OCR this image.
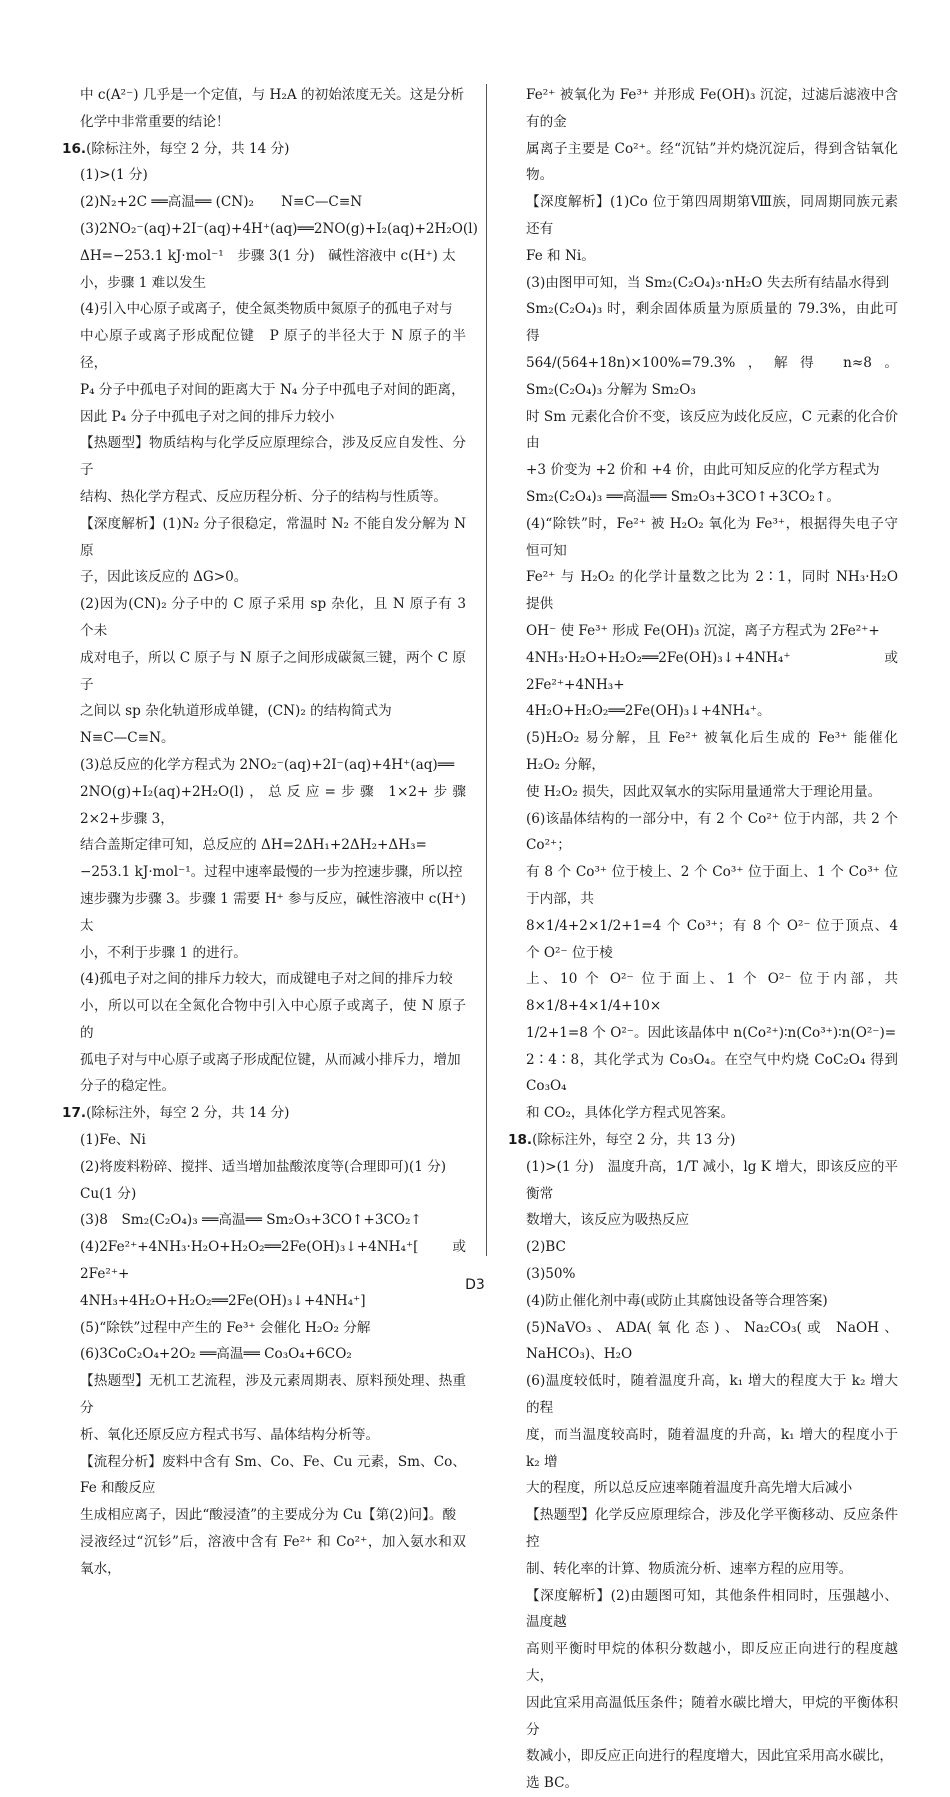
中 c(A²⁻) 几乎是一个定值，与 H₂A 的初始浓度无关。这是分析

化学中非常重要的结论！

16.(除标注外，每空 2 分，共 14 分)

(1)>(1 分)

(2)N₂+2C ══高温══ (CN)₂　　N≡C—C≡N

(3)2NO₂⁻(aq)+2I⁻(aq)+4H⁺(aq)══2NO(g)+I₂(aq)+2H₂O(l)

ΔH=−253.1 kJ·mol⁻¹　步骤 3(1 分)　碱性溶液中 c(H⁺) 太

小，步骤 1 难以发生

(4)引入中心原子或离子，使全氮类物质中氮原子的孤电子对与

中心原子或离子形成配位键　P 原子的半径大于 N 原子的半径，

P₄ 分子中孤电子对间的距离大于 N₄ 分子中孤电子对间的距离，

因此 P₄ 分子中孤电子对之间的排斥力较小

【热题型】物质结构与化学反应原理综合，涉及反应自发性、分子

结构、热化学方程式、反应历程分析、分子的结构与性质等。

【深度解析】(1)N₂ 分子很稳定，常温时 N₂ 不能自发分解为 N 原

子，因此该反应的 ΔG>0。

(2)因为(CN)₂ 分子中的 C 原子采用 sp 杂化，且 N 原子有 3 个未

成对电子，所以 C 原子与 N 原子之间形成碳氮三键，两个 C 原子

之间以 sp 杂化轨道形成单键，(CN)₂ 的结构简式为

N≡C—C≡N。

(3)总反应的化学方程式为 2NO₂⁻(aq)+2I⁻(aq)+4H⁺(aq)══

2NO(g)+I₂(aq)+2H₂O(l)，总反应=步骤 1×2+步骤 2×2+步骤 3，

结合盖斯定律可知，总反应的 ΔH=2ΔH₁+2ΔH₂+ΔH₃=

−253.1 kJ·mol⁻¹。过程中速率最慢的一步为控速步骤，所以控

速步骤为步骤 3。步骤 1 需要 H⁺ 参与反应，碱性溶液中 c(H⁺) 太

小，不利于步骤 1 的进行。

(4)孤电子对之间的排斥力较大，而成键电子对之间的排斥力较

小，所以可以在全氮化合物中引入中心原子或离子，使 N 原子的

孤电子对与中心原子或离子形成配位键，从而减小排斥力，增加

分子的稳定性。

17.(除标注外，每空 2 分，共 14 分)

(1)Fe、Ni

(2)将废料粉碎、搅拌、适当增加盐酸浓度等(合理即可)(1 分)

Cu(1 分)

(3)8　Sm₂(C₂O₄)₃ ══高温══ Sm₂O₃+3CO↑+3CO₂↑

(4)2Fe²⁺+4NH₃·H₂O+H₂O₂══2Fe(OH)₃↓+4NH₄⁺[或 2Fe²⁺+

4NH₃+4H₂O+H₂O₂══2Fe(OH)₃↓+4NH₄⁺]

(5)“除铁”过程中产生的 Fe³⁺ 会催化 H₂O₂ 分解

(6)3CoC₂O₄+2O₂ ══高温══ Co₃O₄+6CO₂

【热题型】无机工艺流程，涉及元素周期表、原料预处理、热重分

析、氧化还原反应方程式书写、晶体结构分析等。

【流程分析】废料中含有 Sm、Co、Fe、Cu 元素，Sm、Co、Fe 和酸反应

生成相应离子，因此“酸浸渣”的主要成分为 Cu【第(2)问】。酸

浸液经过“沉钐”后，溶液中含有 Fe²⁺ 和 Co²⁺，加入氨水和双氧水，

Fe²⁺ 被氧化为 Fe³⁺ 并形成 Fe(OH)₃ 沉淀，过滤后滤液中含有的金

属离子主要是 Co²⁺。经“沉钴”并灼烧沉淀后，得到含钴氧化物。

【深度解析】(1)Co 位于第四周期第Ⅷ族，同周期同族元素还有

Fe 和 Ni。

(3)由图甲可知，当 Sm₂(C₂O₄)₃·nH₂O 失去所有结晶水得到

Sm₂(C₂O₄)₃ 时，剩余固体质量为原质量的 79.3%，由此可得

564/(564+18n)×100%=79.3%，解得 n≈8。Sm₂(C₂O₄)₃ 分解为 Sm₂O₃

时 Sm 元素化合价不变，该反应为歧化反应，C 元素的化合价由

+3 价变为 +2 价和 +4 价，由此可知反应的化学方程式为

Sm₂(C₂O₄)₃ ══高温══ Sm₂O₃+3CO↑+3CO₂↑。

(4)“除铁”时，Fe²⁺ 被 H₂O₂ 氧化为 Fe³⁺，根据得失电子守恒可知

Fe²⁺ 与 H₂O₂ 的化学计量数之比为 2∶1，同时 NH₃·H₂O 提供

OH⁻ 使 Fe³⁺ 形成 Fe(OH)₃ 沉淀，离子方程式为 2Fe²⁺+

4NH₃·H₂O+H₂O₂══2Fe(OH)₃↓+4NH₄⁺ 或 2Fe²⁺+4NH₃+

4H₂O+H₂O₂══2Fe(OH)₃↓+4NH₄⁺。

(5)H₂O₂ 易分解，且 Fe²⁺ 被氧化后生成的 Fe³⁺ 能催化 H₂O₂ 分解，

使 H₂O₂ 损失，因此双氧水的实际用量通常大于理论用量。

(6)该晶体结构的一部分中，有 2 个 Co²⁺ 位于内部，共 2 个 Co²⁺；

有 8 个 Co³⁺ 位于棱上、2 个 Co³⁺ 位于面上、1 个 Co³⁺ 位于内部，共

8×1/4+2×1/2+1=4 个 Co³⁺；有 8 个 O²⁻ 位于顶点、4 个 O²⁻ 位于棱

上、10 个 O²⁻ 位于面上、1 个 O²⁻ 位于内部，共 8×1/8+4×1/4+10×

1/2+1=8 个 O²⁻。因此该晶体中 n(Co²⁺)∶n(Co³⁺)∶n(O²⁻)=

2∶4∶8，其化学式为 Co₃O₄。在空气中灼烧 CoC₂O₄ 得到 Co₃O₄

和 CO₂，具体化学方程式见答案。

18.(除标注外，每空 2 分，共 13 分)

(1)>(1 分)　温度升高，1/T 减小，lg K 增大，即该反应的平衡常

数增大，该反应为吸热反应

(2)BC

(3)50%

(4)防止催化剂中毒(或防止其腐蚀设备等合理答案)

(5)NaVO₃、ADA(氧化态)、Na₂CO₃(或 NaOH、NaHCO₃)、H₂O

(6)温度较低时，随着温度升高，k₁ 增大的程度大于 k₂ 增大的程

度，而当温度较高时，随着温度的升高，k₁ 增大的程度小于 k₂ 增

大的程度，所以总反应速率随着温度升高先增大后减小

【热题型】化学反应原理综合，涉及化学平衡移动、反应条件控

制、转化率的计算、物质流分析、速率方程的应用等。

【深度解析】(2)由题图可知，其他条件相同时，压强越小、温度越

高则平衡时甲烷的体积分数越小，即反应正向进行的程度越大，

因此宜采用高温低压条件；随着水碳比增大，甲烷的平衡体积分

数减小，即反应正向进行的程度增大，因此宜采用高水碳比，

选 BC。

D3
